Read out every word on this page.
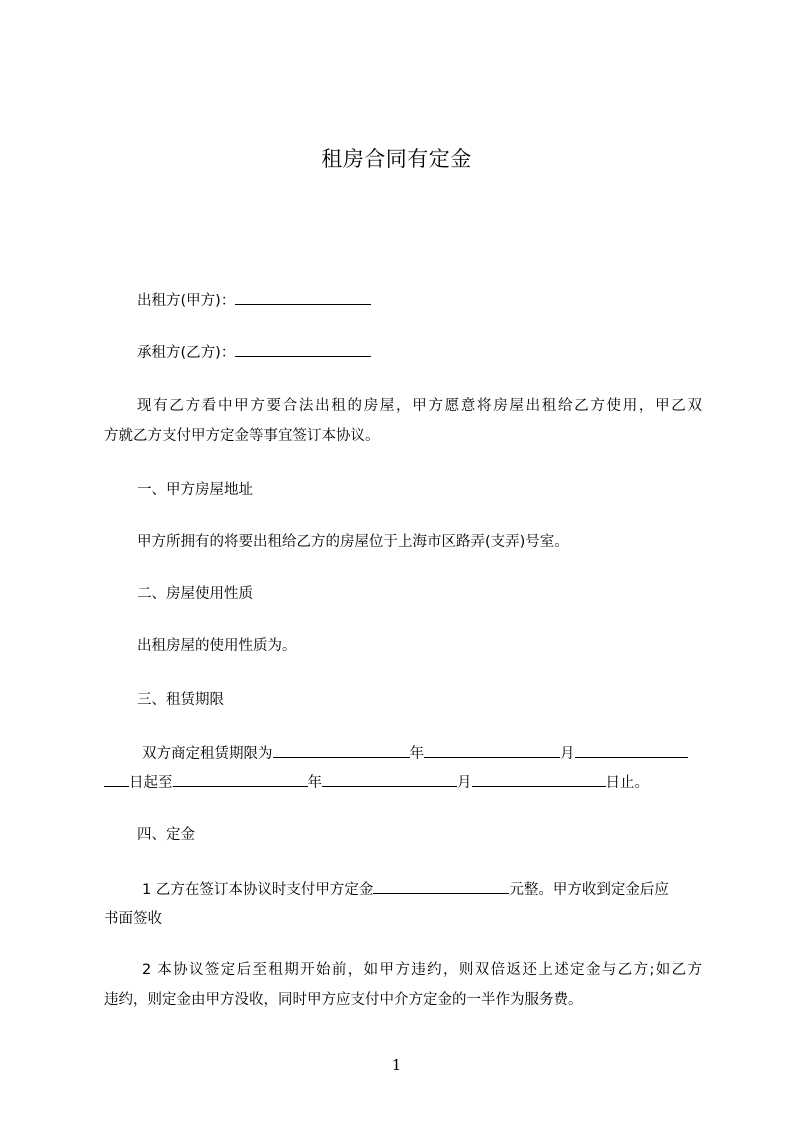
租房合同有定金
出租方(甲方)：
承租方(乙方)：
现有乙方看中甲方要合法出租的房屋，甲方愿意将房屋出租给乙方使用，甲乙双
方就乙方支付甲方定金等事宜签订本协议。
一、甲方房屋地址
甲方所拥有的将要出租给乙方的房屋位于上海市区路弄(支弄)号室。
二、房屋使用性质
出租房屋的使用性质为。
三、租赁期限
双方商定租赁期限为	年	月
日起至	年	月	日止。
四、定金
1 乙方在签订本协议时支付甲方定金	元整。甲方收到定金后应
书面签收
2 本协议签定后至租期开始前，如甲方违约，则双倍返还上述定金与乙方;如乙方
违约，则定金由甲方没收，同时甲方应支付中介方定金的一半作为服务费。
1
